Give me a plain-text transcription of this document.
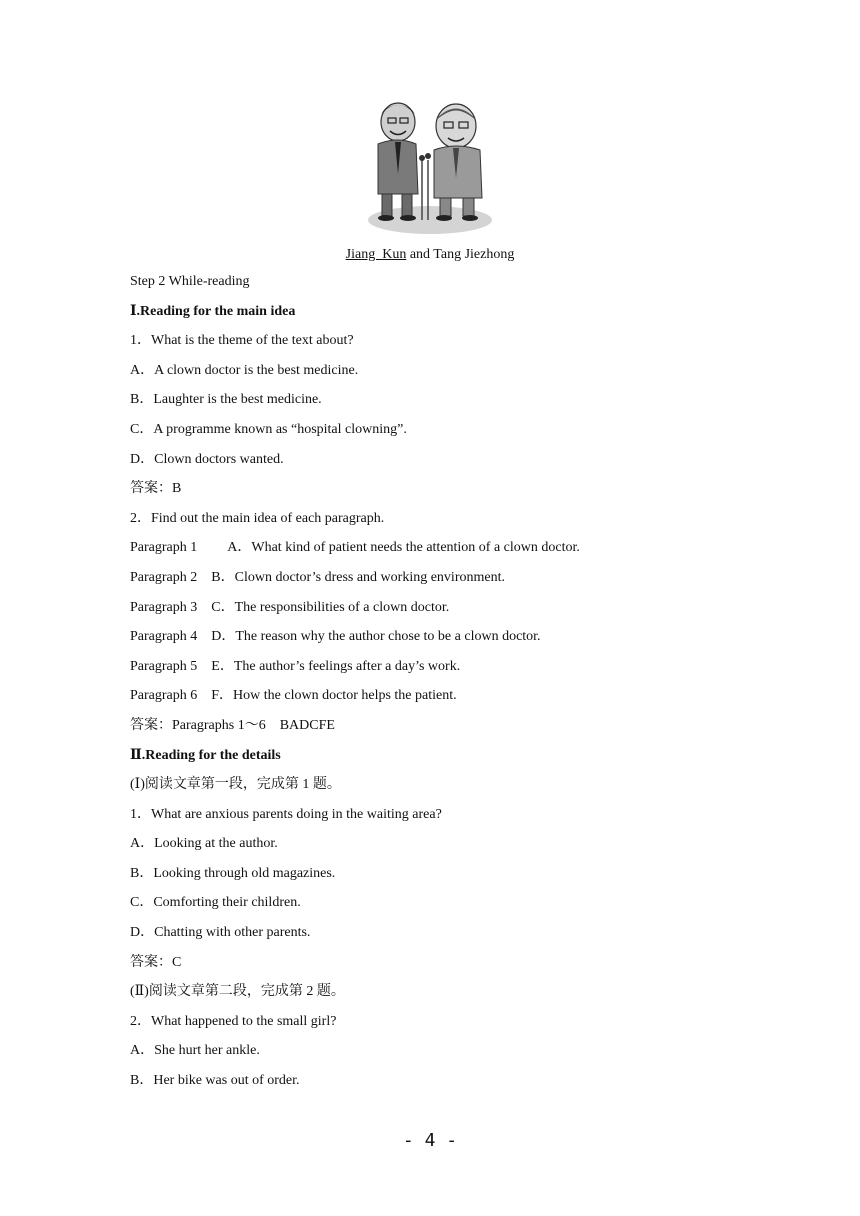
Jiang  Kun and Tang Jiezhong
Step 2 While-reading
Ⅰ.Reading for the main idea
1．What is the theme of the text about?
A．A clown doctor is the best medicine.
B．Laughter is the best medicine.
C．A programme known as “hospital clowning”.
D．Clown doctors wanted.
答案：B
2．Find out the main idea of each paragraph.
Paragraph 1 A．What kind of patient needs the attention of a clown doctor.
Paragraph 2 B．Clown doctor’s dress and working environment.
Paragraph 3 C．The responsibilities of a clown doctor.
Paragraph 4 D．The reason why the author chose to be a clown doctor.
Paragraph 5 E．The author’s feelings after a day’s work.
Paragraph 6 F．How the clown doctor helps the patient.
答案：Paragraphs 1～6　BADCFE
Ⅱ.Reading for the details
(Ⅰ)阅读文章第一段，完成第 1 题。
1．What are anxious parents doing in the waiting area?
A．Looking at the author.
B．Looking through old magazines.
C．Comforting their children.
D．Chatting with other parents.
答案：C
(Ⅱ)阅读文章第二段，完成第 2 题。
2．What happened to the small girl?
A．She hurt her ankle.
B．Her bike was out of order.
- 4 -
